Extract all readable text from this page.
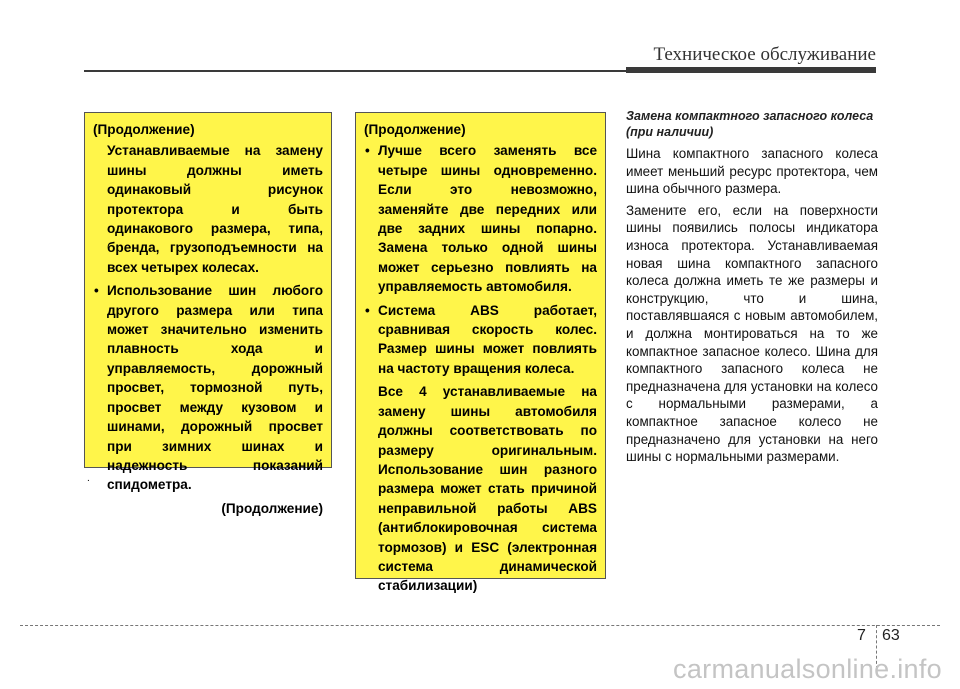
Техническое обслуживание

(Продолжение)

Устанавливаемые на замену шины должны иметь одинаковый рисунок протектора и быть одинакового размера, типа, бренда, грузоподъемности на всех четырех колесах.

• Использование шин любого другого размера или типа может значительно изменить плавность хода и управляемость, дорожный просвет, тормозной путь, просвет между кузовом и шинами, дорожный просвет при зимних шинах и надежность показаний спидометра.

(Продолжение)

.

(Продолжение)

• Лучше всего заменять все четыре шины одновременно. Если это невозможно, заменяйте две передних или две задних шины попарно. Замена только одной шины может серьезно повлиять на управляемость автомобиля.
• Система ABS работает, сравнивая скорость колес. Размер шины может повлиять на частоту вращения колеса.

Все 4 устанавливаемые на замену шины автомобиля должны соответствовать по размеру оригинальным. Использование шин разного размера может стать причиной неправильной работы ABS (антиблокировочная система тормозов) и ESC (электронная система динамической стабилизации)

Замена компактного запасного колеса (при наличии)

Шина компактного запасного колеса имеет меньший ресурс протектора, чем шина обычного размера.

Замените его, если на поверхности шины появились полосы индикатора износа протектора. Устанавливаемая новая шина компактного запасного колеса должна иметь те же размеры и конструкцию, что и шина, поставлявшаяся с новым автомобилем, и должна монтироваться на то же компактное запасное колесо. Шина для компактного запасного колеса не предназначена для установки на колесо с нормальными размерами, а компактное запасное колесо не предназначено для установки на него шины с нормальными размерами.

7 63
carmanualsonline.info
